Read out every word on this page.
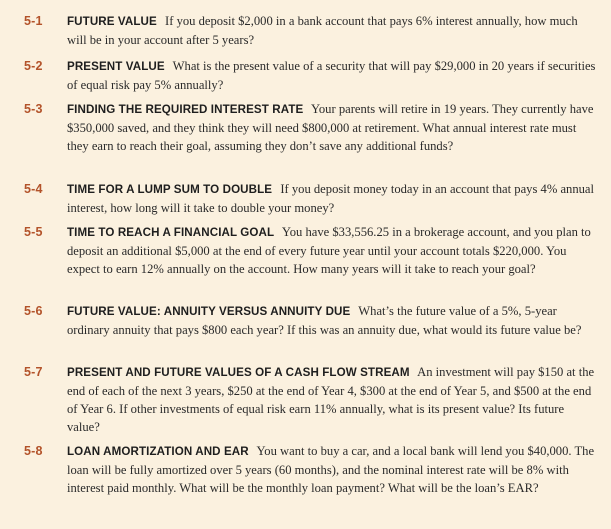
5-1	FUTURE VALUE If you deposit $2,000 in a bank account that pays 6% interest annually, how much will be in your account after 5 years?
5-2	PRESENT VALUE What is the present value of a security that will pay $29,000 in 20 years if securities of equal risk pay 5% annually?
5-3	FINDING THE REQUIRED INTEREST RATE Your parents will retire in 19 years. They currently have $350,000 saved, and they think they will need $800,000 at retirement. What annual interest rate must they earn to reach their goal, assuming they don’t save any additional funds?
5-4	TIME FOR A LUMP SUM TO DOUBLE If you deposit money today in an account that pays 4% annual interest, how long will it take to double your money?
5-5	TIME TO REACH A FINANCIAL GOAL You have $33,556.25 in a brokerage account, and you plan to deposit an additional $5,000 at the end of every future year until your account totals $220,000. You expect to earn 12% annually on the account. How many years will it take to reach your goal?
5-6	FUTURE VALUE: ANNUITY VERSUS ANNUITY DUE What’s the future value of a 5%, 5-year ordinary annuity that pays $800 each year? If this was an annuity due, what would its future value be?
5-7	PRESENT AND FUTURE VALUES OF A CASH FLOW STREAM An investment will pay $150 at the end of each of the next 3 years, $250 at the end of Year 4, $300 at the end of Year 5, and $500 at the end of Year 6. If other investments of equal risk earn 11% annually, what is its present value? Its future value?
5-8	LOAN AMORTIZATION AND EAR You want to buy a car, and a local bank will lend you $40,000. The loan will be fully amortized over 5 years (60 months), and the nominal interest rate will be 8% with interest paid monthly. What will be the monthly loan payment? What will be the loan’s EAR?
